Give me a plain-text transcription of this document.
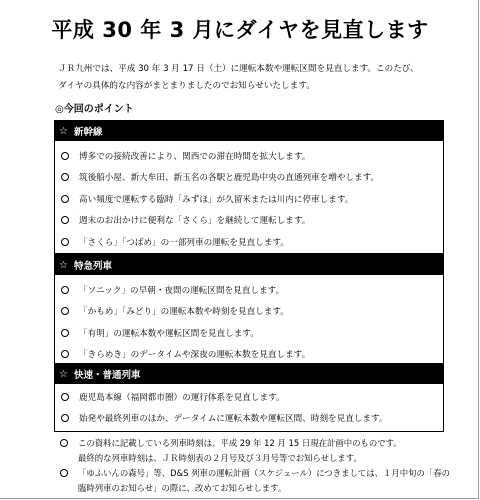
平成 30 年 3 月にダイヤを見直します

ＪＲ九州では、平成 30 年 3 月 17 日（土）に運転本数や運転区間を見直します。このたび、

ダイヤの具体的な内容がまとまりましたのでお知らせいたします。

◎今回のポイント
☆ 新幹線
博多での接続改善により、関西での滞在時間を拡大します。
筑後船小屋、新大牟田、新玉名の各駅と鹿児島中央の直通列車を増やします。
高い頻度で運転する臨時「みずほ」が久留米または川内に停車します。
週末のお出かけに便利な「さくら」を継続して運転します。
「さくら」「つばめ」の一部列車の運転を見直します。
☆ 特急列車
「ソニック」の早朝・夜間の運転区間を見直します。
「かもめ」「みどり」の運転本数や時刻を見直します。
「有明」の運転本数や運転区間を見直します。
「きらめき」のデータイムや深夜の運転本数を見直します。
☆ 快速・普通列車
鹿児島本線（福岡都市圏）の運行体系を見直します。
始発や最終列車のほか、データイムに運転本数や運転区間、時刻を見直します。

この資料に記載している列車時刻は、平成 29 年 12 月 15 日現在計画中のものです。

最終的な列車時刻は、ＪＲ時刻表の２月号及び３月号等でお知らせします。

「ゆふいんの森号」等、D&S 列車の運転計画（スケジュール）につきましては、１月中旬の「春の

臨時列車のお知らせ」の際に、改めてお知らせします。
